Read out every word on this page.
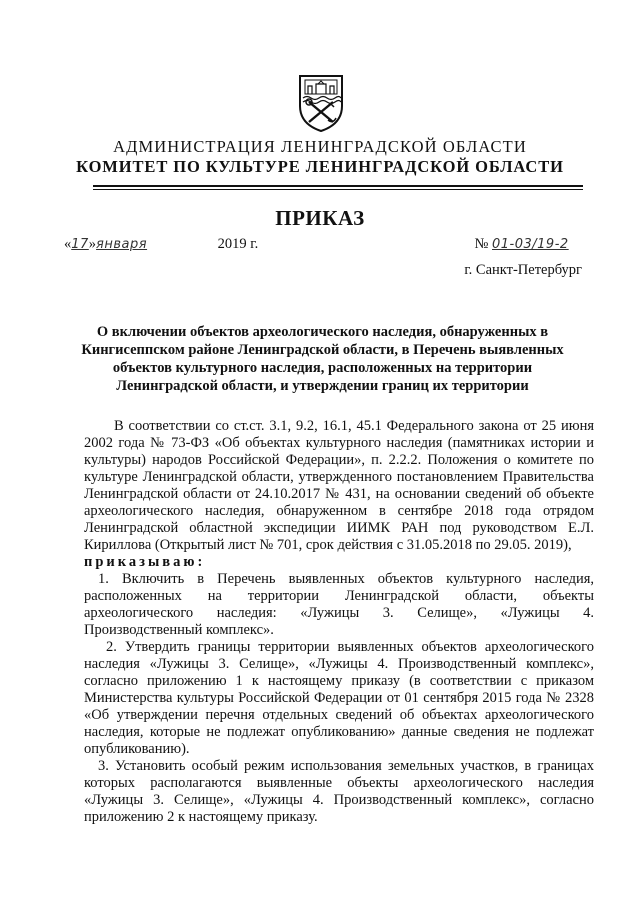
АДМИНИСТРАЦИЯ ЛЕНИНГРАДСКОЙ ОБЛАСТИ
КОМИТЕТ ПО КУЛЬТУРЕ ЛЕНИНГРАДСКОЙ ОБЛАСТИ
ПРИКАЗ
«17»января	2019 г.	№ 01-03/19-2
г. Санкт-Петербург
О включении объектов археологического наследия, обнаруженных в Кингисеппском районе Ленинградской области, в Перечень выявленных объектов культурного наследия, расположенных на территории Ленинградской области, и утверждении границ их территории

В соответствии со ст.ст. 3.1, 9.2, 16.1, 45.1 Федерального закона от 25 июня 2002 года № 73-ФЗ «Об объектах культурного наследия (памятниках истории и культуры) народов Российской Федерации», п. 2.2.2. Положения о комитете по культуре Ленинградской области, утвержденного постановлением Правительства Ленинградской области от 24.10.2017 № 431, на основании сведений об объекте археологического наследия, обнаруженном в сентябре 2018 года отрядом Ленинградской областной экспедиции ИИМК РАН под руководством Е.Л. Кириллова (Открытый лист № 701, срок действия с 31.05.2018 по 29.05. 2019),

приказываю:

1. Включить в Перечень выявленных объектов культурного наследия, расположенных на территории Ленинградской области, объекты археологического наследия: «Лужицы 3. Селище», «Лужицы 4. Производственный комплекс».

2. Утвердить границы территории выявленных объектов археологического наследия «Лужицы 3. Селище», «Лужицы 4. Производственный комплекс», согласно приложению 1 к настоящему приказу (в соответствии с приказом Министерства культуры Российской Федерации от 01 сентября 2015 года № 2328 «Об утверждении перечня отдельных сведений об объектах археологического наследия, которые не подлежат опубликованию» данные сведения не подлежат опубликованию).

3. Установить особый режим использования земельных участков, в границах которых располагаются выявленные объекты археологического наследия «Лужицы 3. Селище», «Лужицы 4. Производственный комплекс», согласно приложению 2 к настоящему приказу.
